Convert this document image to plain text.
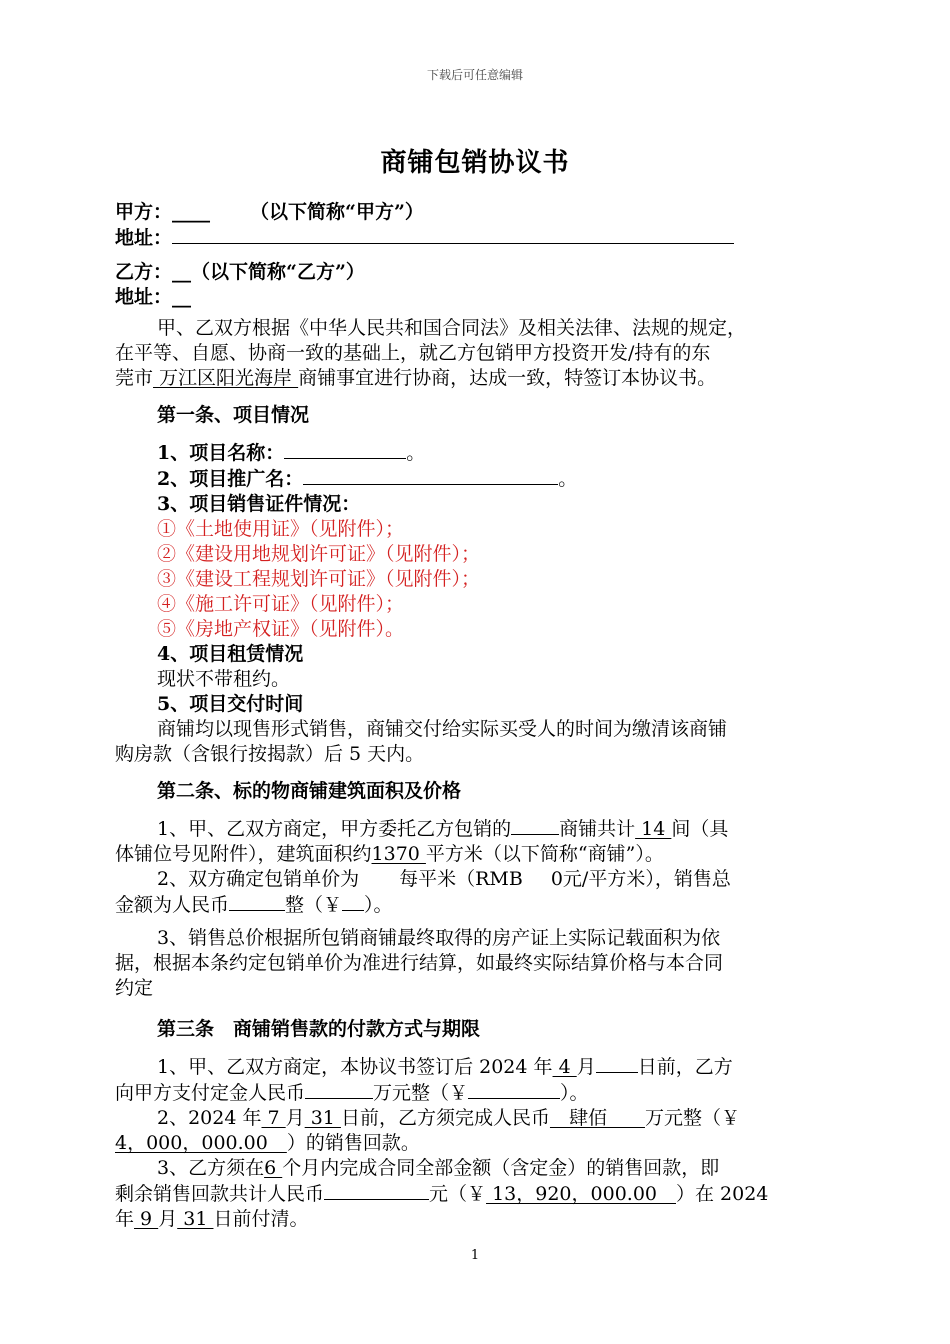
下载后可任意编辑
商铺包销协议书
甲方：____ （以下简称“甲方”）
地址：
乙方：__（以下简称“乙方”）
地址：__
甲、乙双方根据《中华人民共和国合同法》及相关法律、法规的规定，
在平等、自愿、协商一致的基础上，就乙方包销甲方投资开发/持有的东
莞市 万江区阳光海岸 商铺事宜进行协商，达成一致，特签订本协议书。
第一条、项目情况
1、项目名称：	。
2、项目推广名：	。
3、项目销售证件情况：
①《土地使用证》（见附件）；
②《建设用地规划许可证》（见附件）；
③《建设工程规划许可证》（见附件）；
④《施工许可证》（见附件）；
⑤《房地产权证》（见附件）。
4、项目租赁情况
现状不带租约。
5、项目交付时间
商铺均以现售形式销售，商铺交付给实际买受人的时间为缴清该商铺
购房款（含银行按揭款）后 5 天内。
第二条、标的物商铺建筑面积及价格
1、甲、乙双方商定，甲方委托乙方包销的	商铺共计 14 间（具
体铺位号见附件），建筑面积约1370 平方米（以下简称“商铺”）。
2、双方确定包销单价为 每平米（RMB 0元/平方米），销售总
金额为人民币	整（￥ ）。
3、销售总价根据所包销商铺最终取得的房产证上实际记载面积为依
据，根据本条约定包销单价为准进行结算，如最终实际结算价格与本合同
约定
第三条　商铺销售款的付款方式与期限
1、甲、乙双方商定，本协议书签订后 2024 年 4 月 日前，乙方
向甲方支付定金人民币	万元整（￥	）。
2、2024 年 7 月 31 日前，乙方须完成人民币　肆佰　　万元整（￥
4，000，000.00　）的销售回款。
3、乙方须在6 个月内完成合同全部金额（含定金）的销售回款，即
剩余销售回款共计人民币	元（￥ 13，920，000.00　）在 2024
年 9 月 31 日前付清。
1
